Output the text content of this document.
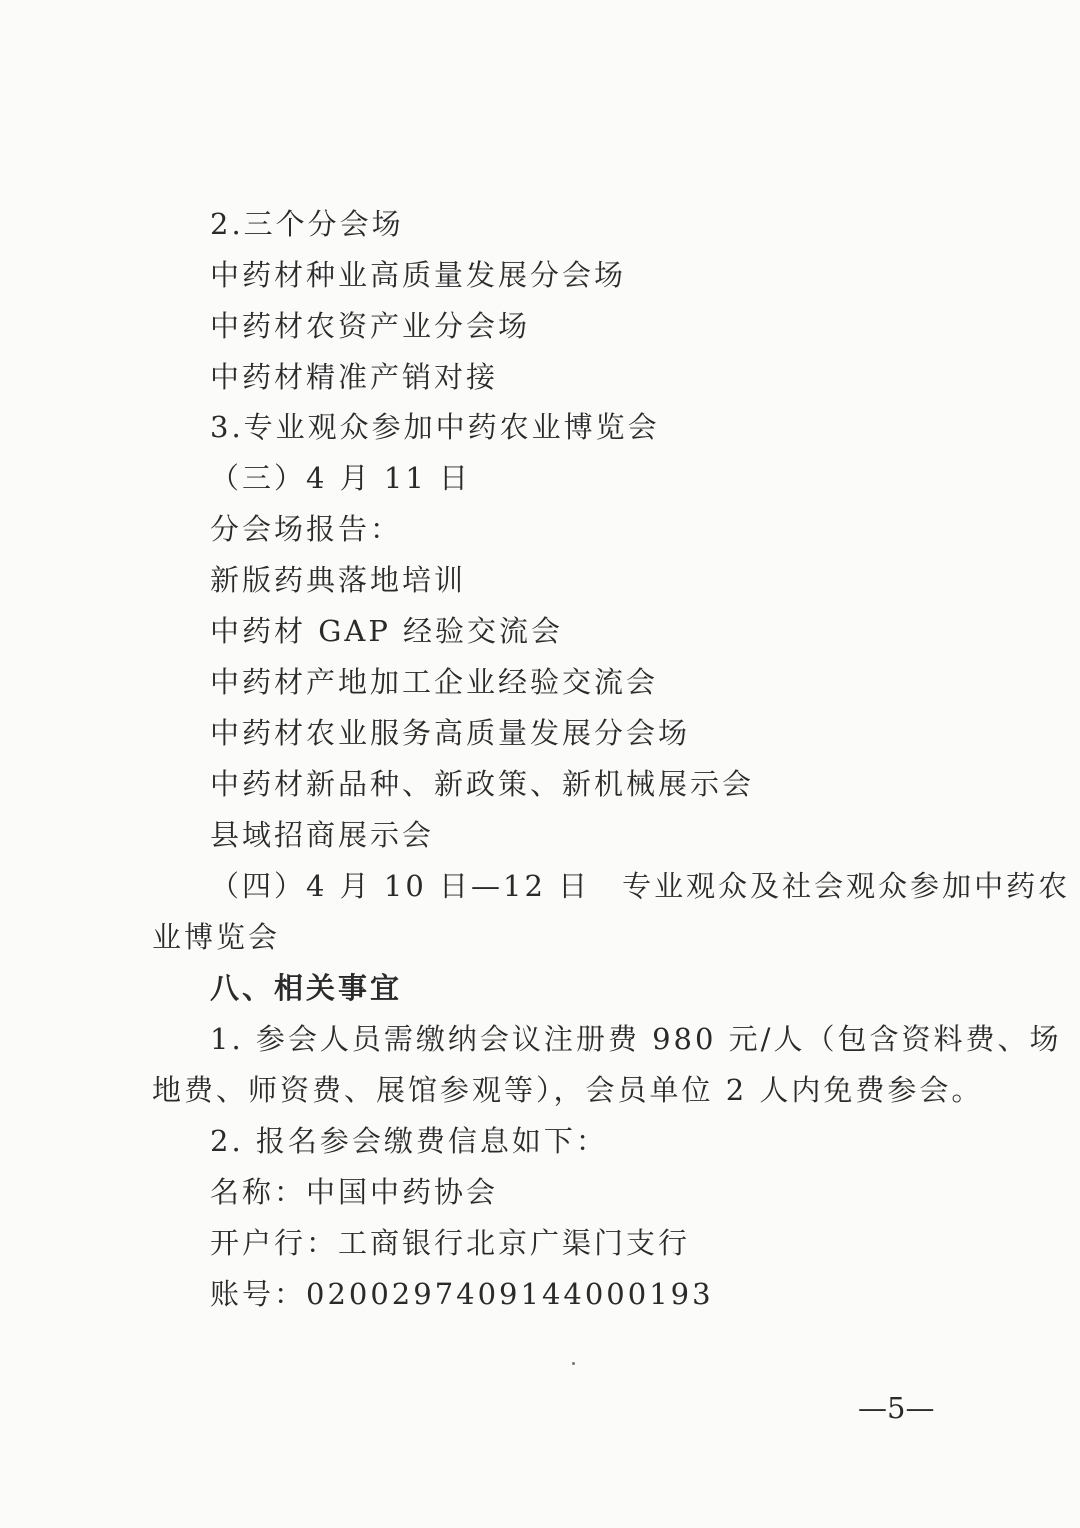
2.三个分会场
中药材种业高质量发展分会场
中药材农资产业分会场
中药材精准产销对接
3.专业观众参加中药农业博览会
（三）4 月 11 日
分会场报告：
新版药典落地培训
中药材 GAP 经验交流会
中药材产地加工企业经验交流会
中药材农业服务高质量发展分会场
中药材新品种、新政策、新机械展示会
县域招商展示会
（四）4 月 10 日—12 日　专业观众及社会观众参加中药农
业博览会
八、相关事宜
1. 参会人员需缴纳会议注册费 980 元/人（包含资料费、场
地费、师资费、展馆参观等），会员单位 2 人内免费参会。
2. 报名参会缴费信息如下：
名称：中国中药协会
开户行：工商银行北京广渠门支行
账号：0200297409144000193
—5—
